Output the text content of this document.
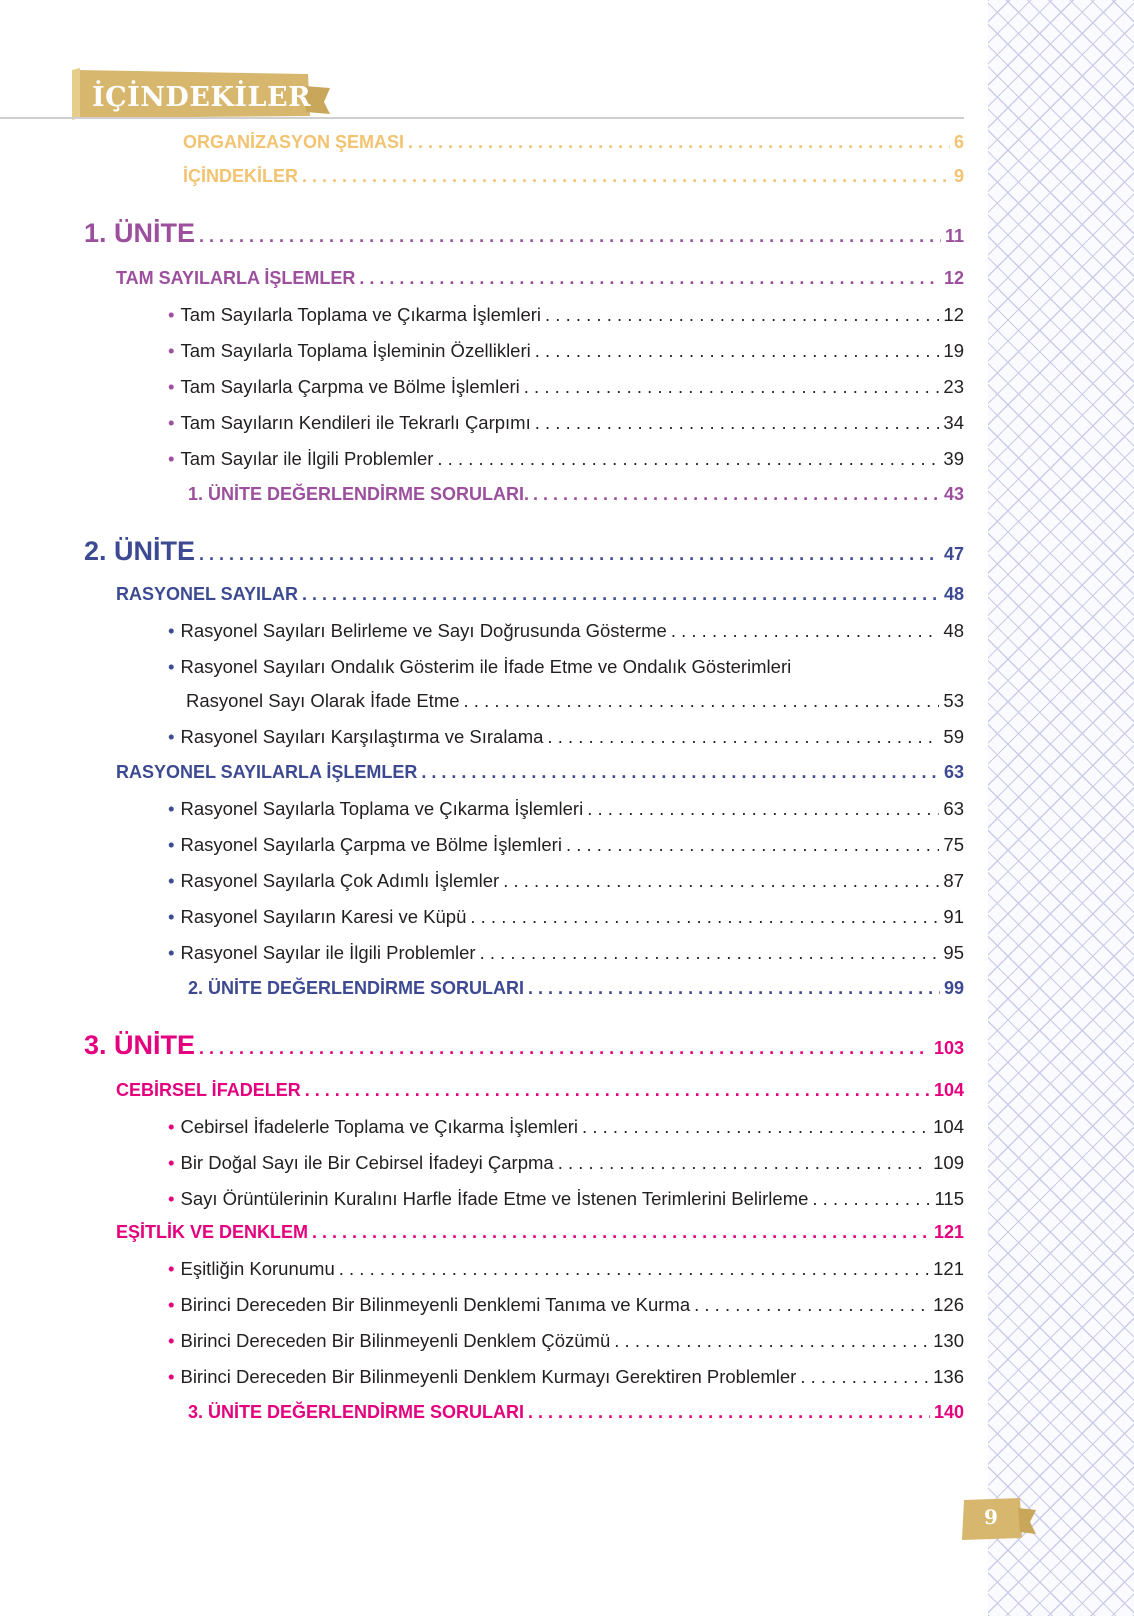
İÇİNDEKİLER
ORGANİZASYON ŞEMASI . . .	6
İÇİNDEKİLER . . .	9
1. ÜNİTE . . .	11
TAM SAYILARLA İŞLEMLER . . .	12
• Tam Sayılarla Toplama ve Çıkarma İşlemleri . . .	12
• Tam Sayılarla Toplama İşleminin Özellikleri . . .	19
• Tam Sayılarla Çarpma ve Bölme İşlemleri . . .	23
• Tam Sayıların Kendileri ile Tekrarlı Çarpımı . . .	34
• Tam Sayılar ile İlgili Problemler . . .	39
1. ÜNİTE DEĞERLENDİRME SORULARI. . . .	43
2. ÜNİTE . . .	47
RASYONEL SAYILAR . . .	48
• Rasyonel Sayıları Belirleme ve Sayı Doğrusunda Gösterme . . .	48
• Rasyonel Sayıları Ondalık Gösterim ile İfade Etme ve Ondalık Gösterimleri
Rasyonel Sayı Olarak İfade Etme . . .	53
• Rasyonel Sayıları Karşılaştırma ve Sıralama . . .	59
RASYONEL SAYILARLA İŞLEMLER . . .	63
• Rasyonel Sayılarla Toplama ve Çıkarma İşlemleri . . .	63
• Rasyonel Sayılarla Çarpma ve Bölme İşlemleri . . .	75
• Rasyonel Sayılarla Çok Adımlı İşlemler . . .	87
• Rasyonel Sayıların Karesi ve Küpü . . .	91
• Rasyonel Sayılar ile İlgili Problemler . . .	95
2. ÜNİTE DEĞERLENDİRME SORULARI . . .	99
3. ÜNİTE . . .	103
CEBİRSEL İFADELER . . .	104
• Cebirsel İfadelerle Toplama ve Çıkarma İşlemleri . . .	104
• Bir Doğal Sayı ile Bir Cebirsel İfadeyi Çarpma . . .	109
• Sayı Örüntülerinin Kuralını Harfle İfade Etme ve İstenen Terimlerini Belirleme . . .	115
EŞİTLİK VE DENKLEM . . .	121
• Eşitliğin Korunumu . . .	121
• Birinci Dereceden Bir Bilinmeyenli Denklemi Tanıma ve Kurma . . .	126
• Birinci Dereceden Bir Bilinmeyenli Denklem Çözümü . . .	130
• Birinci Dereceden Bir Bilinmeyenli Denklem Kurmayı Gerektiren Problemler . . .	136
3. ÜNİTE DEĞERLENDİRME SORULARI . . .	140
9
